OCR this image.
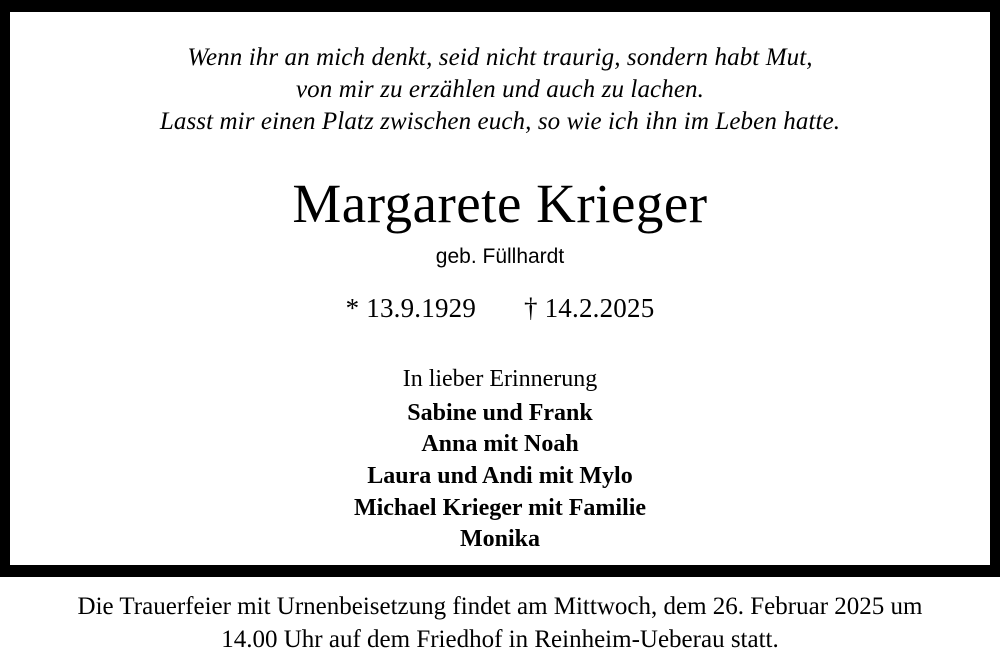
Wenn ihr an mich denkt, seid nicht traurig, sondern habt Mut,
von mir zu erzählen und auch zu lachen.
Lasst mir einen Platz zwischen euch, so wie ich ihn im Leben hatte.
Margarete Krieger
geb. Füllhardt
* 13.9.1929 † 14.2.2025
In lieber Erinnerung
Sabine und Frank
Anna mit Noah
Laura und Andi mit Mylo
Michael Krieger mit Familie
Monika
Die Trauerfeier mit Urnenbeisetzung findet am Mittwoch, dem 26. Februar 2025 um
14.00 Uhr auf dem Friedhof in Reinheim-Ueberau statt.
